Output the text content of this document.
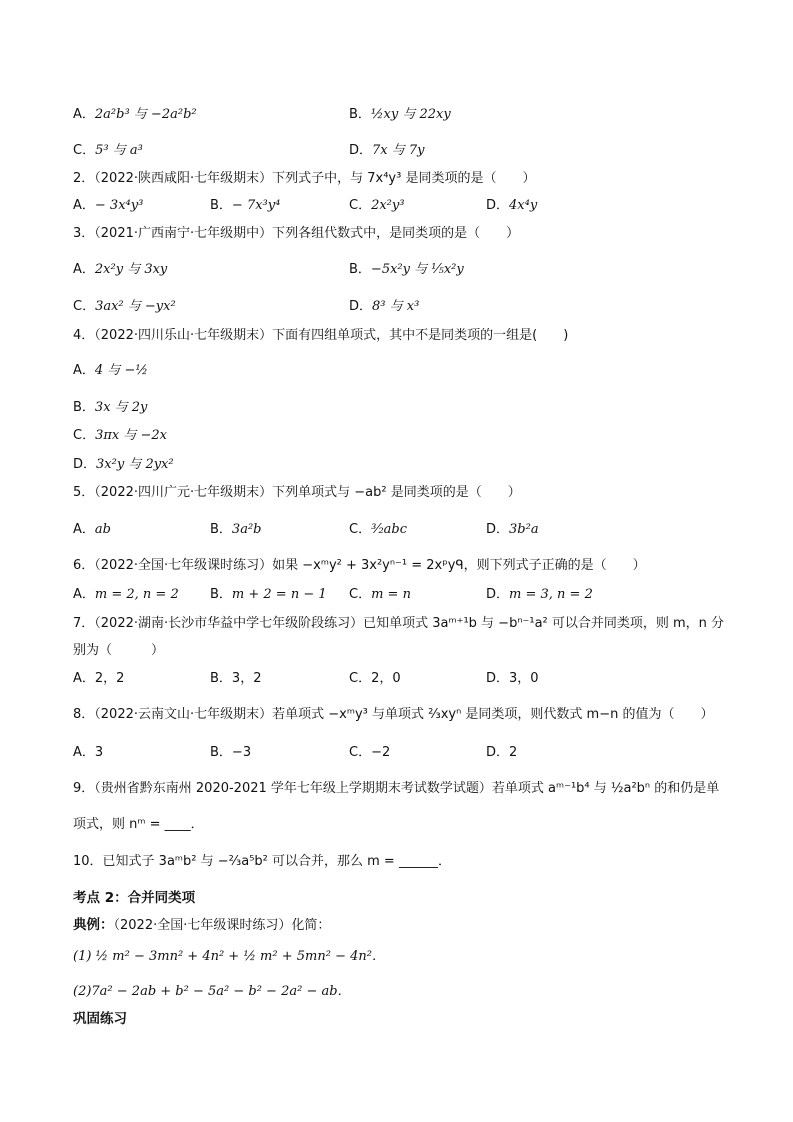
A．2a²b³ 与 −2a²b²	B．½xy 与 22xy
C．5³ 与 a³	D．7x 与 7y
2．（2022·陕西咸阳·七年级期末）下列式子中，与 7x⁴y³ 是同类项的是（　　）
A．− 3x⁴y³	B．− 7x³y⁴	C．2x²y³	D．4x⁴y
3．（2021·广西南宁·七年级期中）下列各组代数式中，是同类项的是（　　）
A．2x²y 与 3xy	B．−5x²y 与 ⅕x²y
C．3ax² 与 −yx²	D．8³ 与 x³
4．（2022·四川乐山·七年级期末）下面有四组单项式，其中不是同类项的一组是(　　)
A．4 与 −½
B．3x 与 2y
C．3πx 与 −2x
D．3x²y 与 2yx²
5．（2022·四川广元·七年级期末）下列单项式与 −ab² 是同类项的是（　　）
A．ab	B．3a²b	C．³⁄₂abc	D．3b²a
6．（2022·全国·七年级课时练习）如果 −xᵐy² + 3x²yⁿ⁻¹ = 2xᵖyᑫ，则下列式子正确的是（　　）
A．m = 2, n = 2 B．m + 2 = n − 1 C．m = n	D．m = 3, n = 2
7．（2022·湖南·长沙市华益中学七年级阶段练习）已知单项式 3aᵐ⁺¹b 与 −bⁿ⁻¹a² 可以合并同类项，则 m，n 分
别为（　　　）
A．2，2	B．3，2	C．2，0	D．3，0
8．（2022·云南文山·七年级期末）若单项式 −xᵐy³ 与单项式 ⅔xyⁿ 是同类项，则代数式 m−n 的值为（　　）
A．3	B．−3	C．−2	D．2
9．（贵州省黔东南州 2020-2021 学年七年级上学期期末考试数学试题）若单项式 aᵐ⁻¹b⁴ 与 ½a²bⁿ 的和仍是单
项式，则 nᵐ = ____．
10．已知式子 3aᵐb² 与 −⅔a⁵b² 可以合并，那么 m = ______．
考点 2：合并同类项
典例：（2022·全国·七年级课时练习）化简：
(1) ½ m² − 3mn² + 4n² + ½ m² + 5mn² − 4n²．
(2)7a² − 2ab + b² − 5a² − b² − 2a² − ab．
巩固练习
